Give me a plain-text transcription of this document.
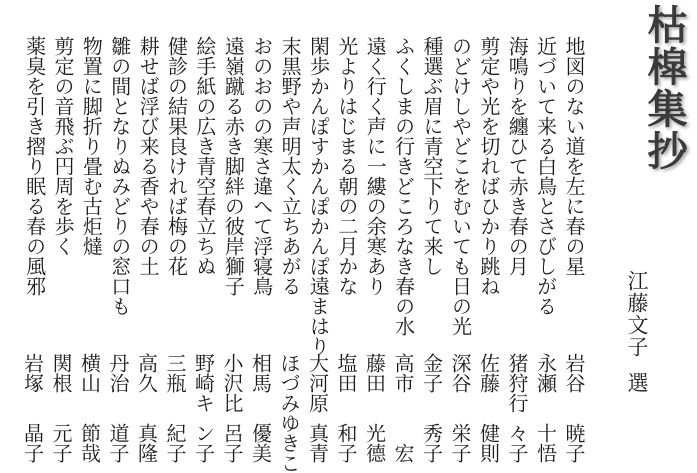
枯槹集抄
江藤文子選
地図のない道を左に春の星
近づいて来る白鳥とさびしがる
海鳴りを纏ひて赤き春の月
剪定や光を切ればひかり跳ね
のどけしやどこをむいても日の光
種選ぶ眉に青空下りて来し
ふくしまの行きどころなき春の水
遠く行く声に一縷の余寒あり
光よりはじまる朝の二月かな
閑歩かんぽすかんぽかんぽ遠まはり
末黒野や声明太く立ちあがる
おのおのの寒さ違へて浮寝鳥
遠嶺蹴る赤き脚絆の彼岸獅子
絵手紙の広き青空春立ちぬ
健診の結果良ければ梅の花
耕せば浮び来る香や春の土
雛の間となりぬみどりの窓口も
物置に脚折り畳む古炬燵
剪定の音飛ぶ円周を歩く
薬臭を引き摺り眠る春の風邪
岩谷
暁子
永瀬
十悟
猪狩行
々子
佐藤
健則
深谷
栄子
金子
秀子
高市
宏
藤田
光德
塩田
和子
大河原
真青
ほづみ
ゆきこ
相馬
優美
小沢比
呂子
野崎キ
ン子
三瓶
紀子
高久
真隆
丹治
道子
横山
節哉
関根
元子
岩塚
晶子
